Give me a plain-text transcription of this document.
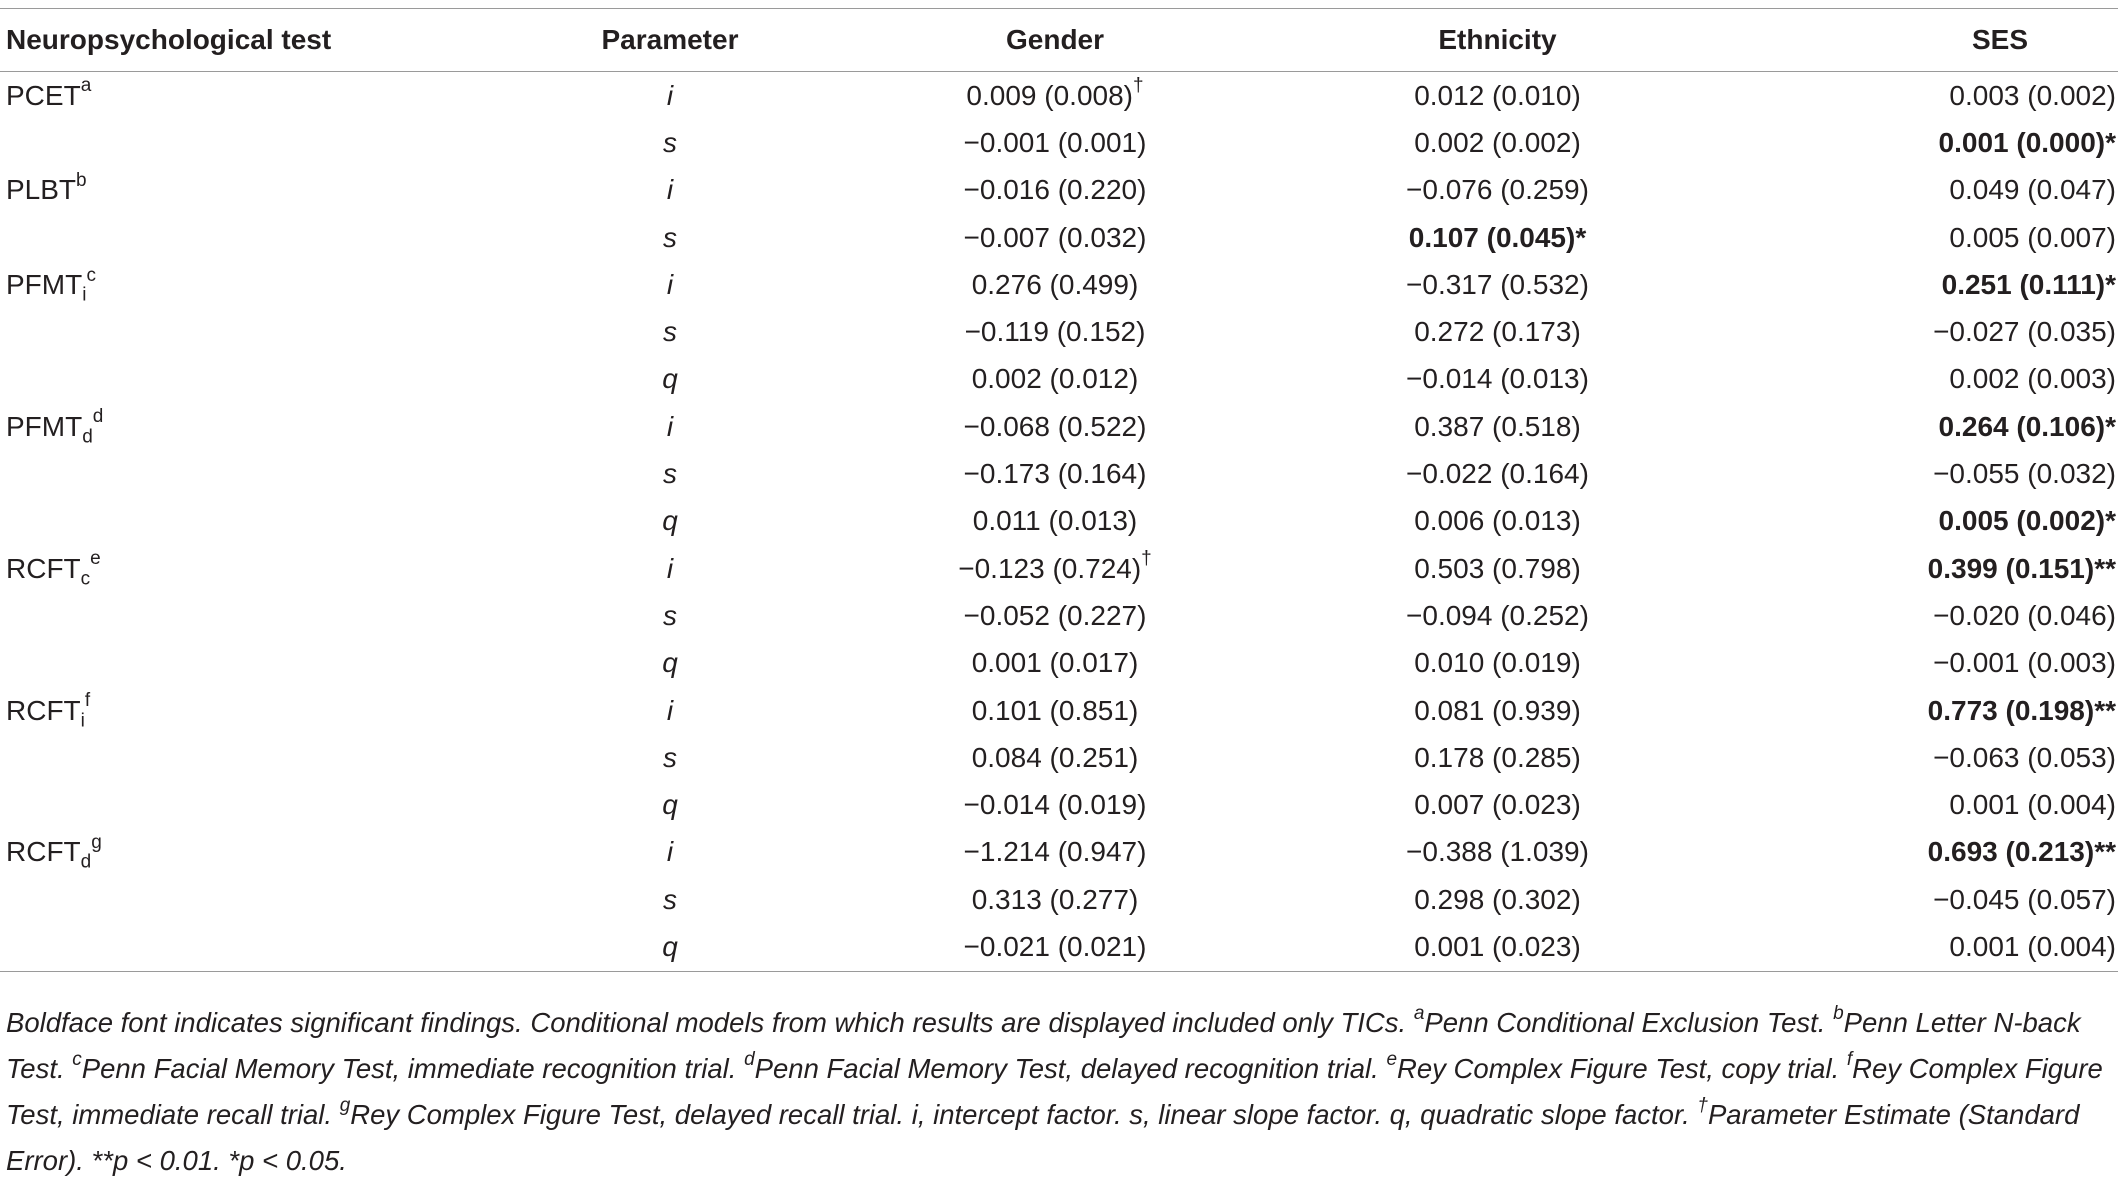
Neuropsychological test	Parameter	Gender	Ethnicity	SES
PCET$^a$	i	0.009 (0.008)†	0.012 (0.010)	0.003 (0.002)
	s	−0.001 (0.001)	0.002 (0.002)	0.001 (0.000)*
PLBT$^b$	i	−0.016 (0.220)	−0.076 (0.259)	0.049 (0.047)
	s	−0.007 (0.032)	0.107 (0.045)*	0.005 (0.007)
$PFMT_i^c$	i	0.276 (0.499)	−0.317 (0.532)	0.251 (0.111)*
	s	−0.119 (0.152)	0.272 (0.173)	−0.027 (0.035)
	q	0.002 (0.012)	−0.014 (0.013)	0.002 (0.003)
$PFMT_d^d$	i	−0.068 (0.522)	0.387 (0.518)	0.264 (0.106)*
	s	−0.173 (0.164)	−0.022 (0.164)	−0.055 (0.032)
	q	0.011 (0.013)	0.006 (0.013)	0.005 (0.002)*
$RCFT_c^e$	i	−0.123 (0.724)†	0.503 (0.798)	0.399 (0.151)**
	s	−0.052 (0.227)	−0.094 (0.252)	−0.020 (0.046)
	q	0.001 (0.017)	0.010 (0.019)	−0.001 (0.003)
$RCFT_i^f$	i	0.101 (0.851)	0.081 (0.939)	0.773 (0.198)**
	s	0.084 (0.251)	0.178 (0.285)	−0.063 (0.053)
	q	−0.014 (0.019)	0.007 (0.023)	0.001 (0.004)
$RCFT_d^g$	i	−1.214 (0.947)	−0.388 (1.039)	0.693 (0.213)**
	s	0.313 (0.277)	0.298 (0.302)	−0.045 (0.057)
	q	−0.021 (0.021)	0.001 (0.023)	0.001 (0.004)
Boldface font indicates significant findings. Conditional models from which results are displayed included only TICs. $^a$Penn Conditional Exclusion Test. $^b$Penn Letter N-back Test. $^c$Penn Facial Memory Test, immediate recognition trial. $^d$Penn Facial Memory Test, delayed recognition trial. $^e$Rey Complex Figure Test, copy trial. $^f$Rey Complex Figure Test, immediate recall trial. $^g$Rey Complex Figure Test, delayed recall trial. i, intercept factor. s, linear slope factor. q, quadratic slope factor. †Parameter Estimate (Standard Error). **p < 0.01. *p < 0.05.
